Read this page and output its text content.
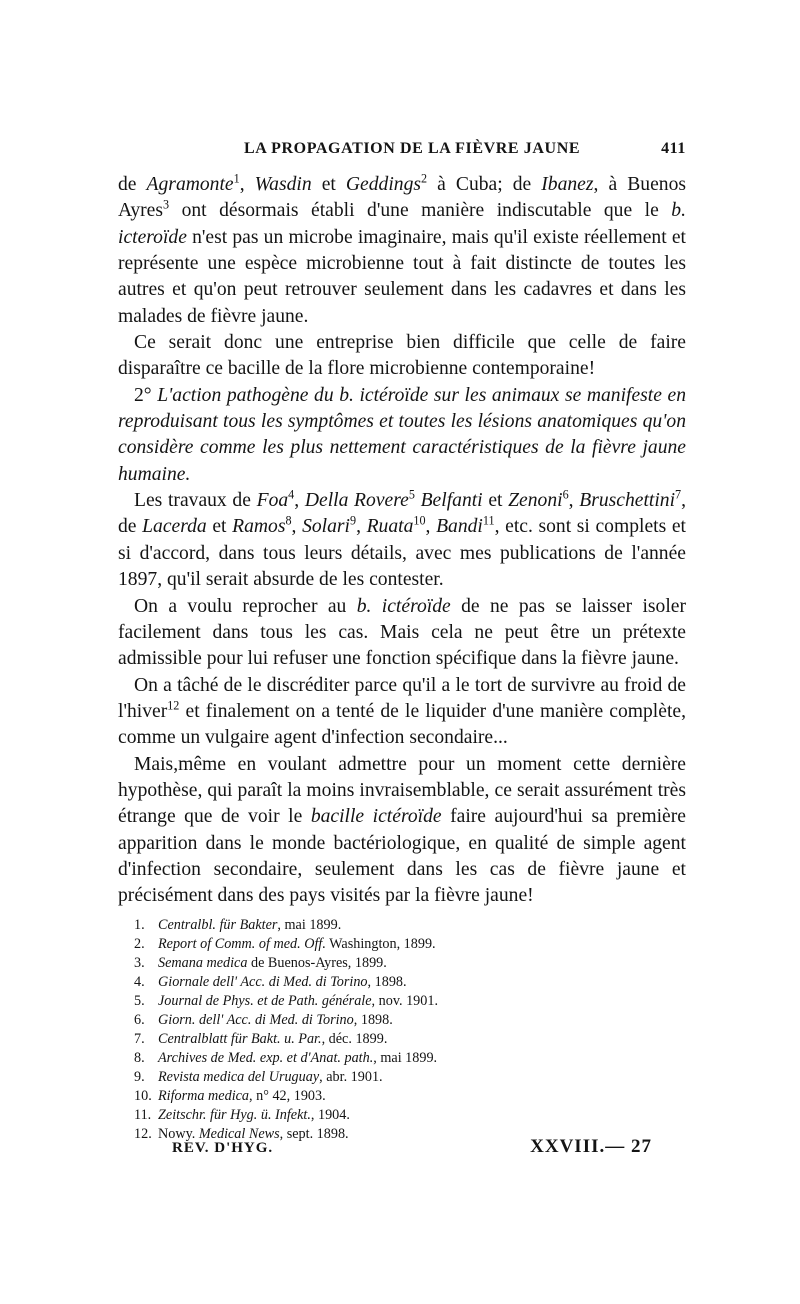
LA PROPAGATION DE LA FIÈVRE JAUNE	411

de Agramonte$^1$, Wasdin et Geddings$^2$ à Cuba; de Ibanez, à Buenos Ayres$^3$ ont désormais établi d'une manière indiscutable que le b. icteroïde n'est pas un microbe imaginaire, mais qu'il existe réellement et représente une espèce microbienne tout à fait distincte de toutes les autres et qu'on peut retrouver seulement dans les cadavres et dans les malades de fièvre jaune.

Ce serait donc une entreprise bien difficile que celle de faire disparaître ce bacille de la flore microbienne contemporaine!

2° L'action pathogène du b. ictéroïde sur les animaux se manifeste en reproduisant tous les symptômes et toutes les lésions anatomiques qu'on considère comme les plus nettement caractéristiques de la fièvre jaune humaine.

Les travaux de Foa$^4$, Della Rovere$^5$ Belfanti et Zenoni$^6$, Bruschettini$^7$, de Lacerda et Ramos$^8$, Solari$^9$, Ruata$^{10}$, Bandi$^{11}$, etc. sont si complets et si d'accord, dans tous leurs détails, avec mes publications de l'année 1897, qu'il serait absurde de les contester.

On a voulu reprocher au b. ictéroïde de ne pas se laisser isoler facilement dans tous les cas. Mais cela ne peut être un prétexte admissible pour lui refuser une fonction spécifique dans la fièvre jaune.

On a tâché de le discréditer parce qu'il a le tort de survivre au froid de l'hiver$^{12}$ et finalement on a tenté de le liquider d'une manière complète, comme un vulgaire agent d'infection secondaire...

Mais,même en voulant admettre pour un moment cette dernière hypothèse, qui paraît la moins invraisemblable, ce serait assurément très étrange que de voir le bacille ictéroïde faire aujourd'hui sa première apparition dans le monde bactériologique, en qualité de simple agent d'infection secondaire, seulement dans les cas de fièvre jaune et précisément dans des pays visités par la fièvre jaune!

1. Centralbl. für Bakter, mai 1899.
2. Report of Comm. of med. Off. Washington, 1899.
3. Semana medica de Buenos-Ayres, 1899.
4. Giornale dell' Acc. di Med. di Torino, 1898.
5. Journal de Phys. et de Path. générale, nov. 1901.
6. Giorn. dell' Acc. di Med. di Torino, 1898.
7. Centralblatt für Bakt. u. Par., déc. 1899.
8. Archives de Med. exp. et d'Anat. path., mai 1899.
9. Revista medica del Uruguay, abr. 1901.
10. Riforma medica, n° 42, 1903.
11. Zeitschr. für Hyg. ü. Infekt., 1904.
12. Nowy. Medical News, sept. 1898.
REV. D'HYG.	XXVIII.— 27
